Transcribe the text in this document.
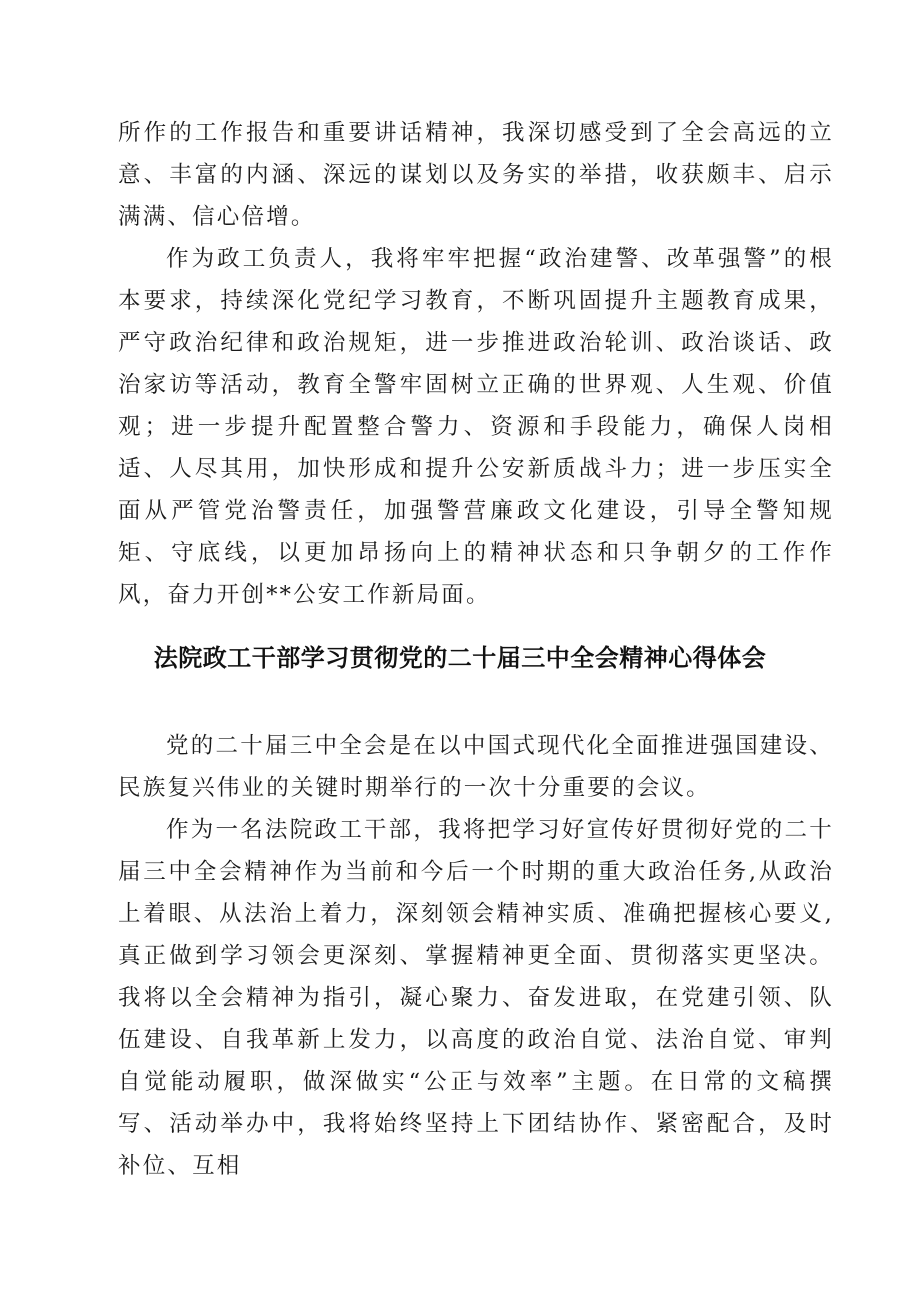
所作的工作报告和重要讲话精神，我深切感受到了全会高远的立意、丰富的内涵、深远的谋划以及务实的举措，收获颇丰、启示满满、信心倍增。

作为政工负责人，我将牢牢把握“政治建警、改革强警”的根本要求，持续深化党纪学习教育，不断巩固提升主题教育成果，严守政治纪律和政治规矩，进一步推进政治轮训、政治谈话、政治家访等活动，教育全警牢固树立正确的世界观、人生观、价值观；进一步提升配置整合警力、资源和手段能力，确保人岗相适、人尽其用，加快形成和提升公安新质战斗力；进一步压实全面从严管党治警责任，加强警营廉政文化建设，引导全警知规矩、守底线，以更加昂扬向上的精神状态和只争朝夕的工作作风，奋力开创**公安工作新局面。

法院政工干部学习贯彻党的二十届三中全会精神心得体会

党的二十届三中全会是在以中国式现代化全面推进强国建设、民族复兴伟业的关键时期举行的一次十分重要的会议。

作为一名法院政工干部，我将把学习好宣传好贯彻好党的二十届三中全会精神作为当前和今后一个时期的重大政治任务,从政治上着眼、从法治上着力，深刻领会精神实质、准确把握核心要义,真正做到学习领会更深刻、掌握精神更全面、贯彻落实更坚决。我将以全会精神为指引，凝心聚力、奋发进取，在党建引领、队伍建设、自我革新上发力，以高度的政治自觉、法治自觉、审判自觉能动履职，做深做实“公正与效率”主题。在日常的文稿撰写、活动举办中，我将始终坚持上下团结协作、紧密配合，及时补位、互相
